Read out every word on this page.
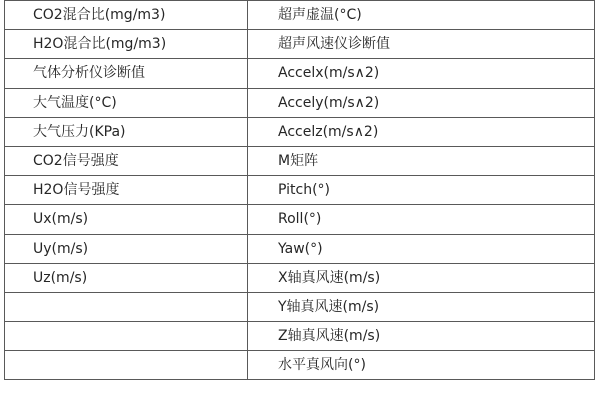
CO2混合比(mg/m3)	超声虚温(°C)
H2O混合比(mg/m3)	超声风速仪诊断值
气体分析仪诊断值	Accelx(m/s∧2)
大气温度(°C)	Accely(m/s∧2)
大气压力(KPa)	Accelz(m/s∧2)
CO2信号强度	M矩阵
H2O信号强度	Pitch(°)
Ux(m/s)	Roll(°)
Uy(m/s)	Yaw(°)
Uz(m/s)	X轴真风速(m/s)
	Y轴真风速(m/s)
	Z轴真风速(m/s)
	水平真风向(°)
